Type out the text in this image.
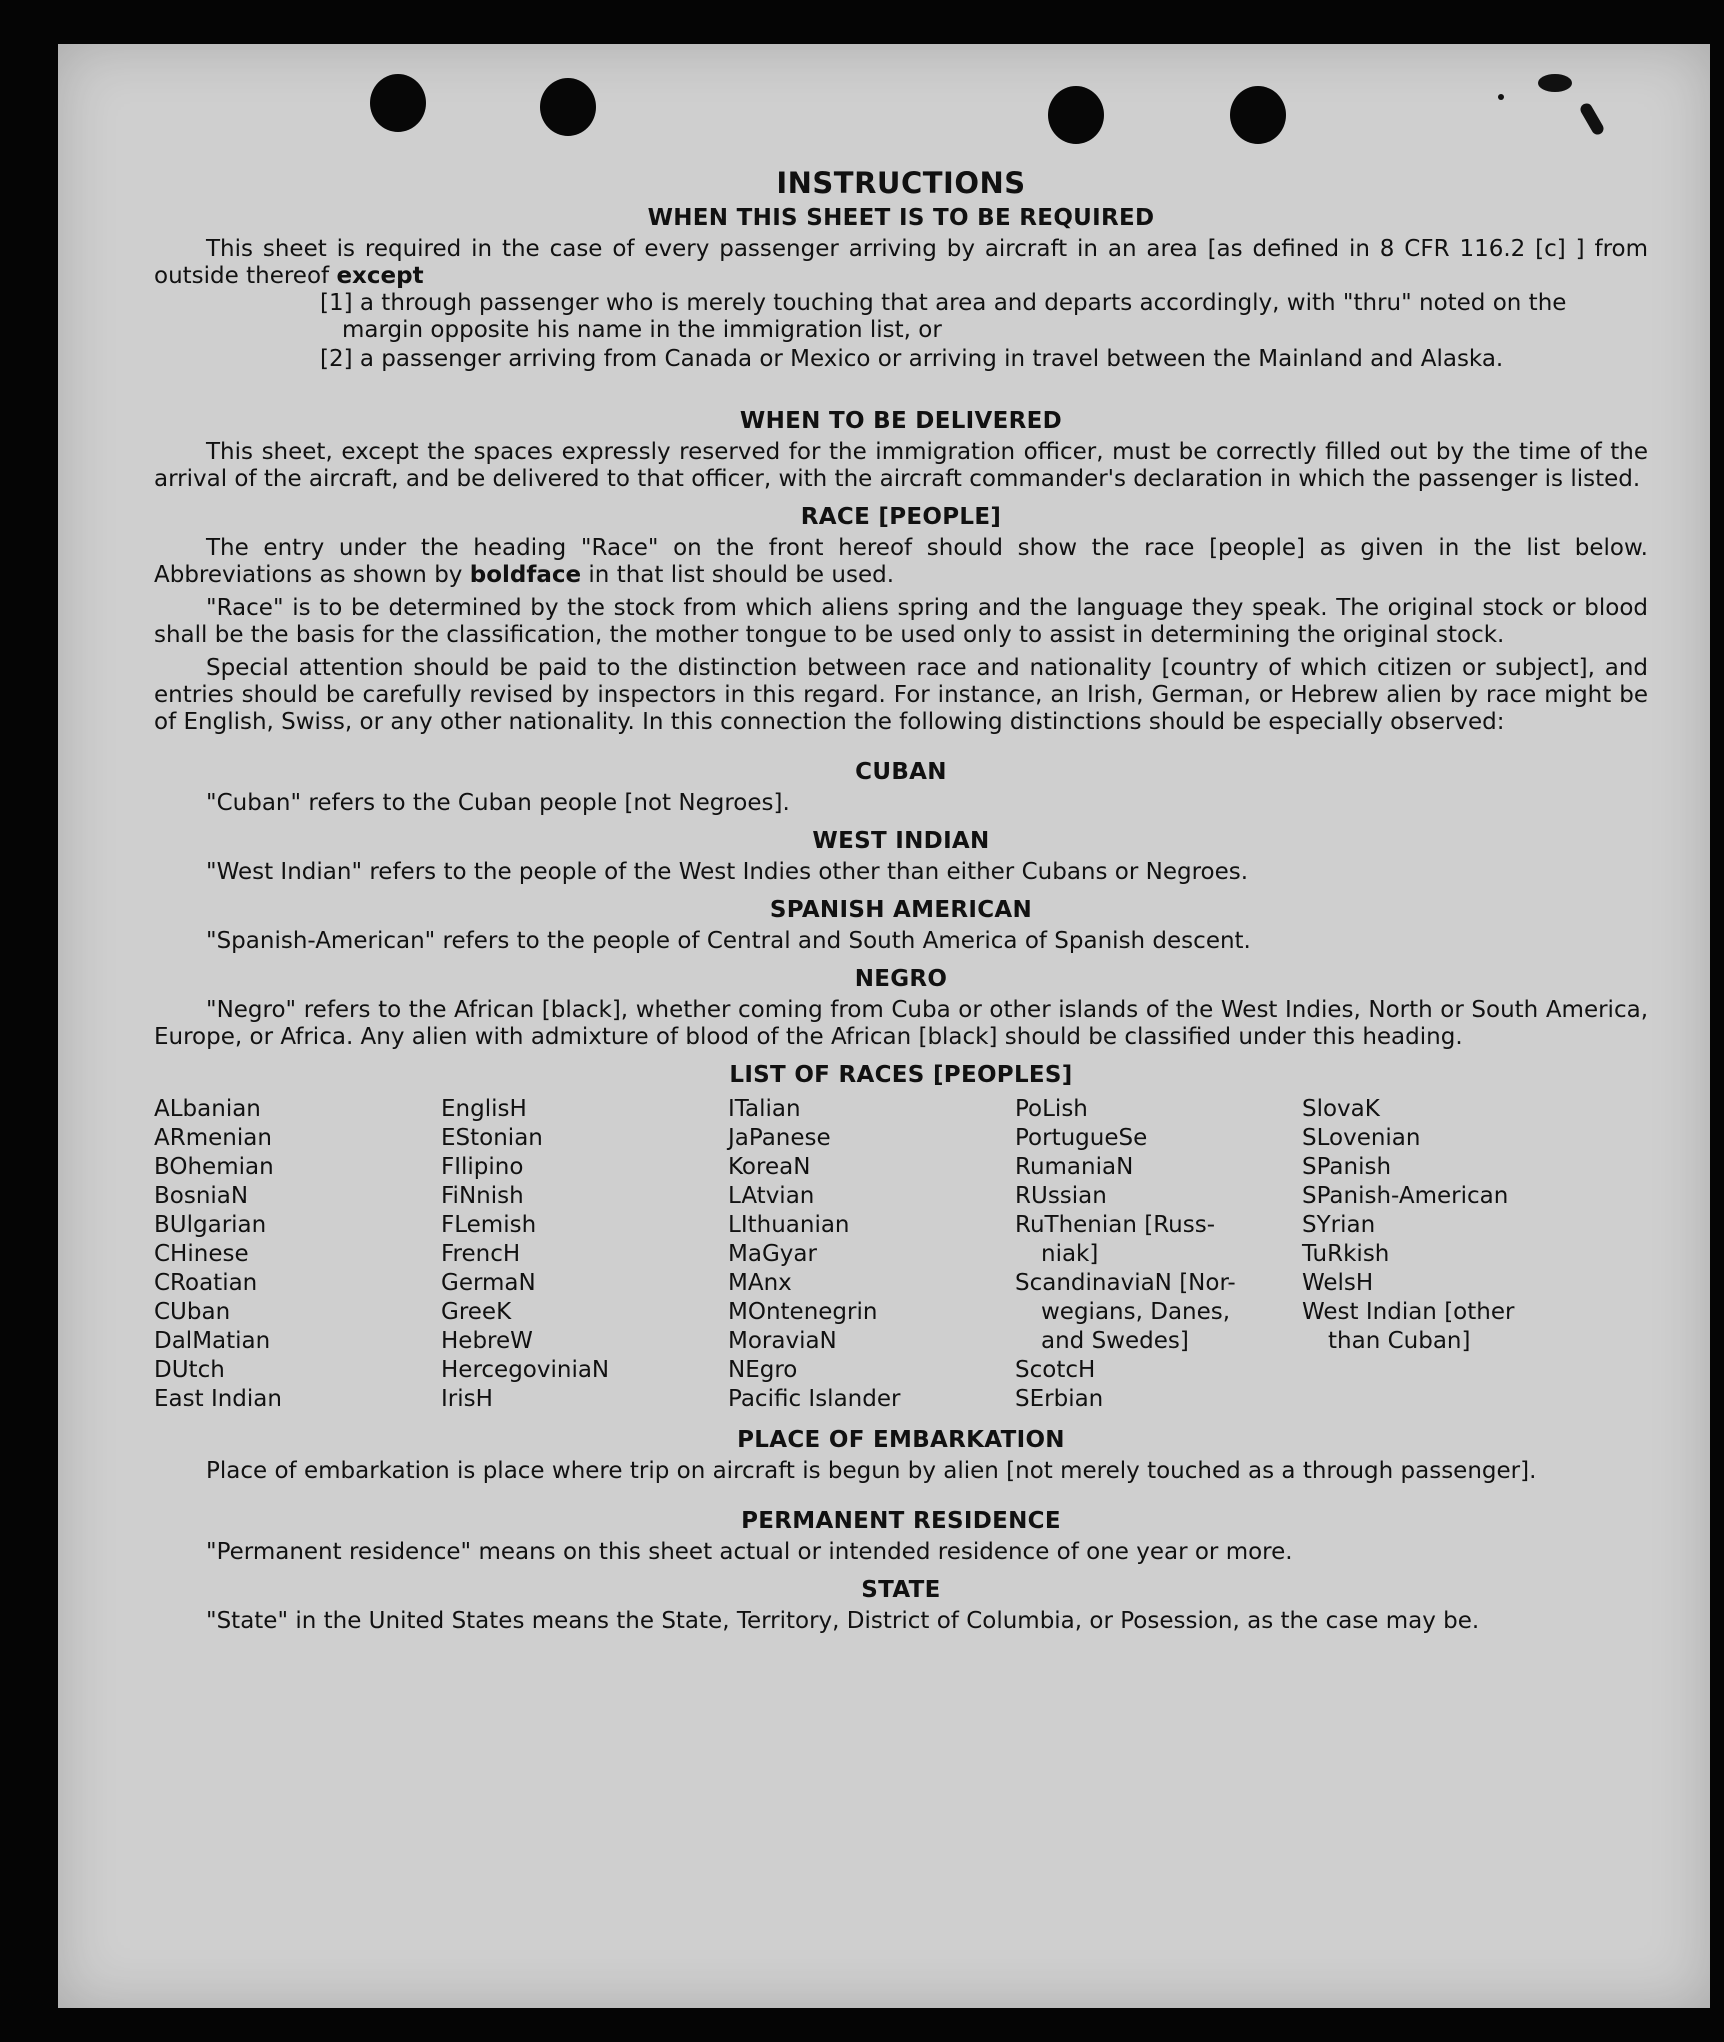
INSTRUCTIONS
WHEN THIS SHEET IS TO BE REQUIRED

This sheet is required in the case of every passenger arriving by aircraft in an area [as defined in 8 CFR 116.2 [c] ] from outside thereof except

[1] a through passenger who is merely touching that area and departs accordingly, with "thru" noted on the margin opposite his name in the immigration list, or

[2] a passenger arriving from Canada or Mexico or arriving in travel between the Mainland and Alaska.

WHEN TO BE DELIVERED

This sheet, except the spaces expressly reserved for the immigration officer, must be correctly filled out by the time of the arrival of the aircraft, and be delivered to that officer, with the aircraft commander's declaration in which the passenger is listed.

RACE [PEOPLE]

The entry under the heading "Race" on the front hereof should show the race [people] as given in the list below. Abbreviations as shown by boldface in that list should be used.

"Race" is to be determined by the stock from which aliens spring and the language they speak. The original stock or blood shall be the basis for the classification, the mother tongue to be used only to assist in determining the original stock.

Special attention should be paid to the distinction between race and nationality [country of which citizen or subject], and entries should be carefully revised by inspectors in this regard. For instance, an Irish, German, or Hebrew alien by race might be of English, Swiss, or any other nationality. In this connection the following distinctions should be especially observed:

CUBAN

"Cuban" refers to the Cuban people [not Negroes].

WEST INDIAN

"West Indian" refers to the people of the West Indies other than either Cubans or Negroes.

SPANISH AMERICAN

"Spanish-American" refers to the people of Central and South America of Spanish descent.

NEGRO

"Negro" refers to the African [black], whether coming from Cuba or other islands of the West Indies, North or South America, Europe, or Africa. Any alien with admixture of blood of the African [black] should be classified under this heading.

LIST OF RACES [PEOPLES]
ALbanian
ARmenian
BOhemian
BosniaN
BUlgarian
CHinese
CRoatian
CUban
DalMatian
DUtch
East Indian
EnglisH
EStonian
FIlipino
FiNnish
FLemish
FrencH
GermaN
GreeK
HebreW
HercegoviniaN
IrisH
ITalian
JaPanese
KoreaN
LAtvian
LIthuanian
MaGyar
MAnx
MOntenegrin
MoraviaN
NEgro
Pacific Islander
PoLish
PortugueSe
RumaniaN
RUssian
RuThenian [Russ-
niak]
ScandinaviaN [Nor-
wegians, Danes,
and Swedes]
ScotcH
SErbian
SlovaK
SLovenian
SPanish
SPanish-American
SYrian
TuRkish
WelsH
West Indian [other
than Cuban]
PLACE OF EMBARKATION

Place of embarkation is place where trip on aircraft is begun by alien [not merely touched as a through passenger].

PERMANENT RESIDENCE

"Permanent residence" means on this sheet actual or intended residence of one year or more.

STATE

"State" in the United States means the State, Territory, District of Columbia, or Posession, as the case may be.
